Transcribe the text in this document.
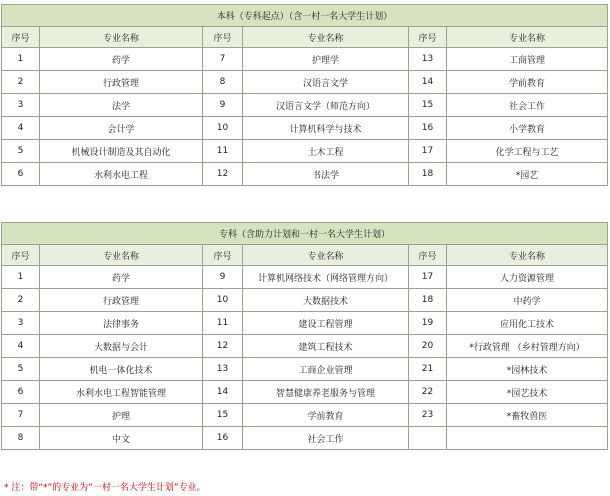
本科（专科起点）（含一村一名大学生计划）					
序号	专业名称	序号	专业名称	序号	专业名称
1	药学	7	护理学	13	工商管理
2	行政管理	8	汉语言文学	14	学前教育
3	法学	9	汉语言文学（师范方向）	15	社会工作
4	会计学	10	计算机科学与技术	16	小学教育
5	机械设计制造及其自动化	11	土木工程	17	化学工程与工艺
6	水利水电工程	12	书法学	18	*园艺
专科（含助力计划和一村一名大学生计划）					
序号	专业名称	序号	专业名称	序号	专业名称
1	药学	9	计算机网络技术（网络管理方向）	17	人力资源管理
2	行政管理	10	大数据技术	18	中药学
3	法律事务	11	建设工程管理	19	应用化工技术
4	大数据与会计	12	建筑工程技术	20	*行政管理 （乡村管理方向）
5	机电一体化技术	13	工商企业管理	21	*园林技术
6	水利水电工程智能管理	14	智慧健康养老服务与管理	22	*园艺技术
7	护理	15	学前教育	23	*畜牧兽医
8	中文	16	社会工作		
* 注：带“*”的专业为“一村一名大学生计划”专业。
